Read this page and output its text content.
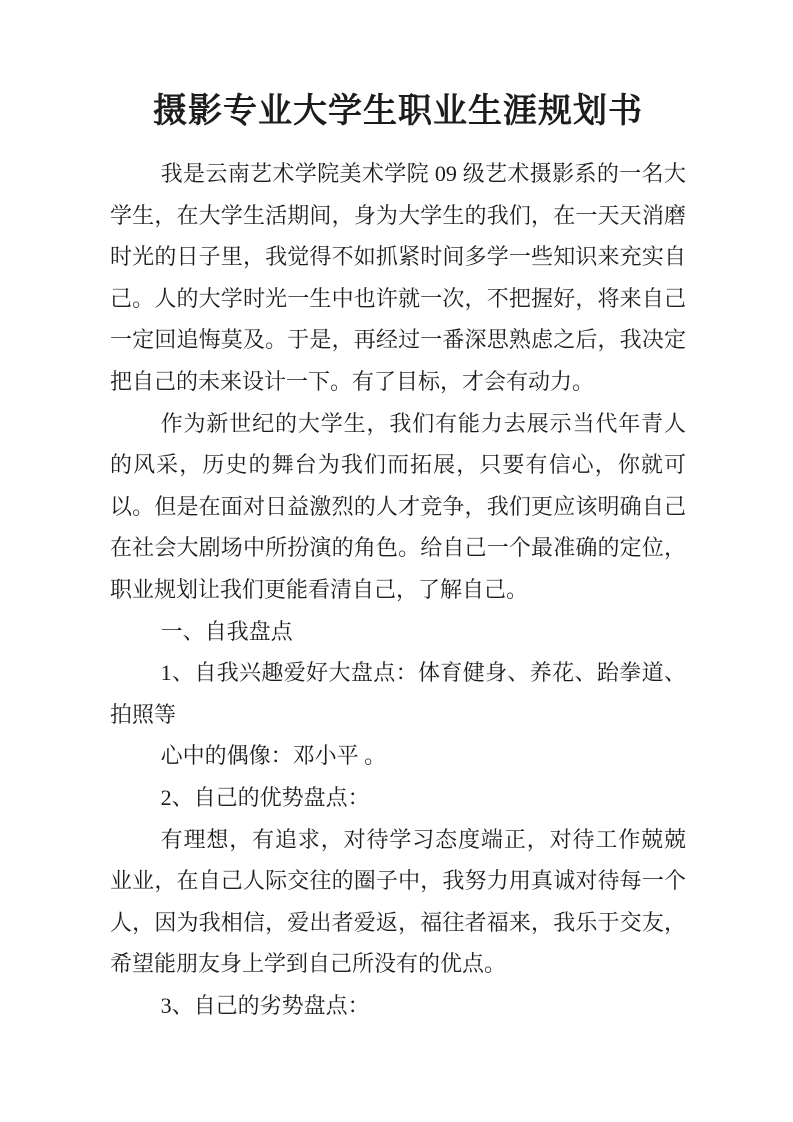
摄影专业大学生职业生涯规划书

我是云南艺术学院美术学院 09 级艺术摄影系的一名大学生，在大学生活期间，身为大学生的我们，在一天天消磨时光的日子里，我觉得不如抓紧时间多学一些知识来充实自己。人的大学时光一生中也许就一次，不把握好，将来自己一定回追悔莫及。于是，再经过一番深思熟虑之后，我决定把自己的未来设计一下。有了目标，才会有动力。

作为新世纪的大学生，我们有能力去展示当代年青人的风采，历史的舞台为我们而拓展，只要有信心，你就可以。但是在面对日益激烈的人才竞争，我们更应该明确自己在社会大剧场中所扮演的角色。给自己一个最准确的定位，职业规划让我们更能看清自己，了解自己。

一、自我盘点

1、自我兴趣爱好大盘点：体育健身、养花、跆拳道、拍照等

心中的偶像：邓小平 。

2、自己的优势盘点：

有理想，有追求，对待学习态度端正，对待工作兢兢业业，在自己人际交往的圈子中，我努力用真诚对待每一个人，因为我相信，爱出者爱返，福往者福来，我乐于交友，希望能朋友身上学到自己所没有的优点。

3、自己的劣势盘点：
